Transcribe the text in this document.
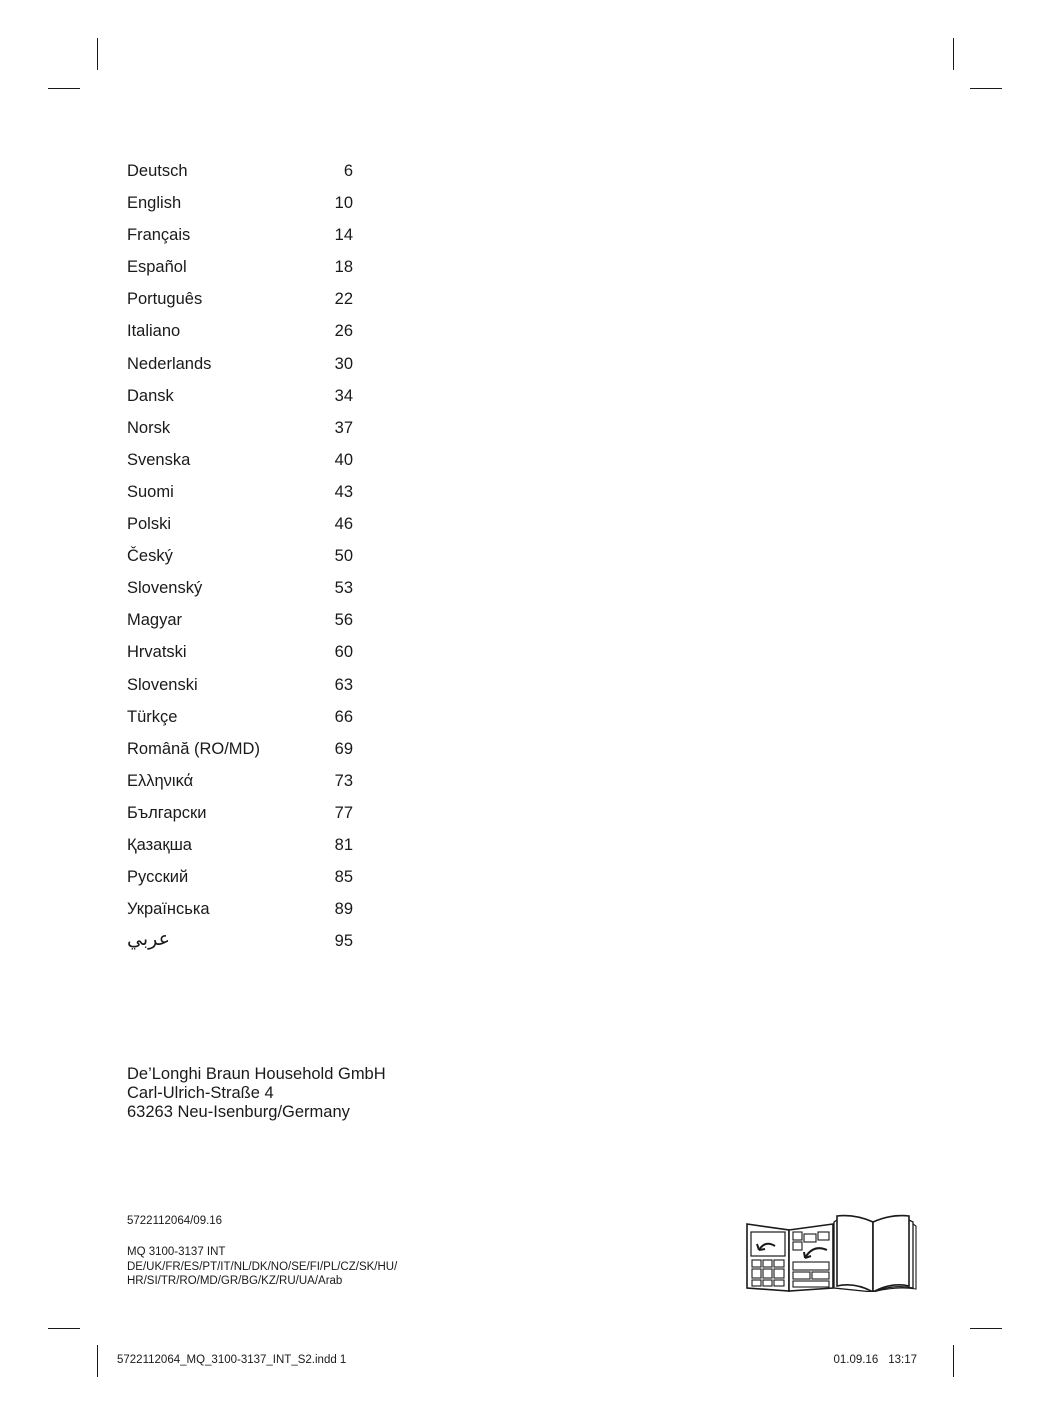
Deutsch	6
English	10
Français	14
Español	18
Português	22
Italiano	26
Nederlands	30
Dansk	34
Norsk	37
Svenska	40
Suomi	43
Polski	46
Český	50
Slovenský	53
Magyar	56
Hrvatski	60
Slovenski	63
Türkçe	66
Română (RO/MD)	69
Ελληνικά	73
Български	77
Қазақша	81
Русский	85
Українська	89
عربي	95
De’Longhi Braun Household GmbH
Carl-Ulrich-Straße 4
63263 Neu-Isenburg/Germany
5722112064/09.16
MQ 3100-3137 INT
DE/UK/FR/ES/PT/IT/NL/DK/NO/SE/FI/PL/CZ/SK/HU/
HR/SI/TR/RO/MD/GR/BG/KZ/RU/UA/Arab
5722112064_MQ_3100-3137_INT_S2.indd 1	01.09.16 13:17
